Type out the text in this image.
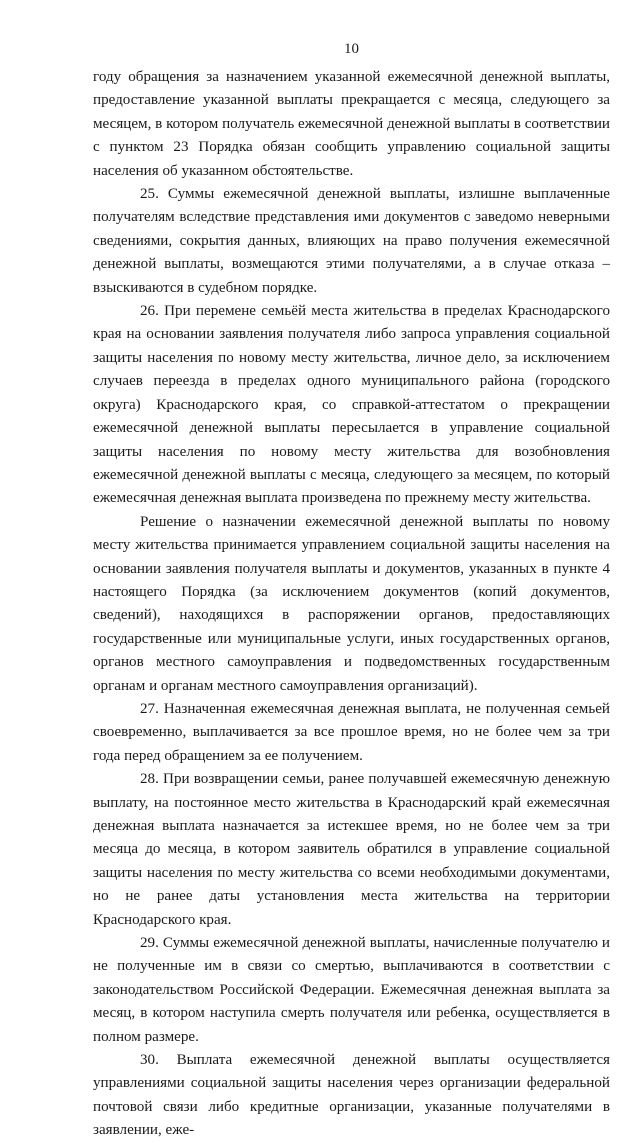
10

году обращения за назначением указанной ежемесячной денежной выплаты, предоставление указанной выплаты прекращается с месяца, следующего за месяцем, в котором получатель ежемесячной денежной выплаты в соответствии с пунктом 23 Порядка обязан сообщить управлению социальной защиты населения об указанном обстоятельстве.

25. Суммы ежемесячной денежной выплаты, излишне выплаченные получателям вследствие представления ими документов с заведомо неверными сведениями, сокрытия данных, влияющих на право получения ежемесячной денежной выплаты, возмещаются этими получателями, а в случае отказа – взыскиваются в судебном порядке.

26. При перемене семьёй места жительства в пределах Краснодарского края на основании заявления получателя либо запроса управления социальной защиты населения по новому месту жительства, личное дело, за исключением случаев переезда в пределах одного муниципального района (городского округа) Краснодарского края, со справкой-аттестатом о прекращении ежемесячной денежной выплаты пересылается в управление социальной защиты населения по новому месту жительства для возобновления ежемесячной денежной выплаты с месяца, следующего за месяцем, по который ежемесячная денежная выплата произведена по прежнему месту жительства.

Решение о назначении ежемесячной денежной выплаты по новому месту жительства принимается управлением социальной защиты населения на основании заявления получателя выплаты и документов, указанных в пункте 4 настоящего Порядка (за исключением документов (копий документов, сведений), находящихся в распоряжении органов, предоставляющих государственные или муниципальные услуги, иных государственных органов, органов местного самоуправления и подведомственных государственным органам и органам местного самоуправления организаций).

27. Назначенная ежемесячная денежная выплата, не полученная семьей своевременно, выплачивается за все прошлое время, но не более чем за три года перед обращением за ее получением.

28. При возвращении семьи, ранее получавшей ежемесячную денежную выплату, на постоянное место жительства в Краснодарский край ежемесячная денежная выплата назначается за истекшее время, но не более чем за три месяца до месяца, в котором заявитель обратился в управление социальной защиты населения по месту жительства со всеми необходимыми документами, но не ранее даты установления места жительства на территории Краснодарского края.

29. Суммы ежемесячной денежной выплаты, начисленные получателю и не полученные им в связи со смертью, выплачиваются в соответствии с законодательством Российской Федерации. Ежемесячная денежная выплата за месяц, в котором наступила смерть получателя или ребенка, осуществляется в полном размере.

30. Выплата ежемесячной денежной выплаты осуществляется управлениями социальной защиты населения через организации федеральной почтовой связи либо кредитные организации, указанные получателями в заявлении, еже-
